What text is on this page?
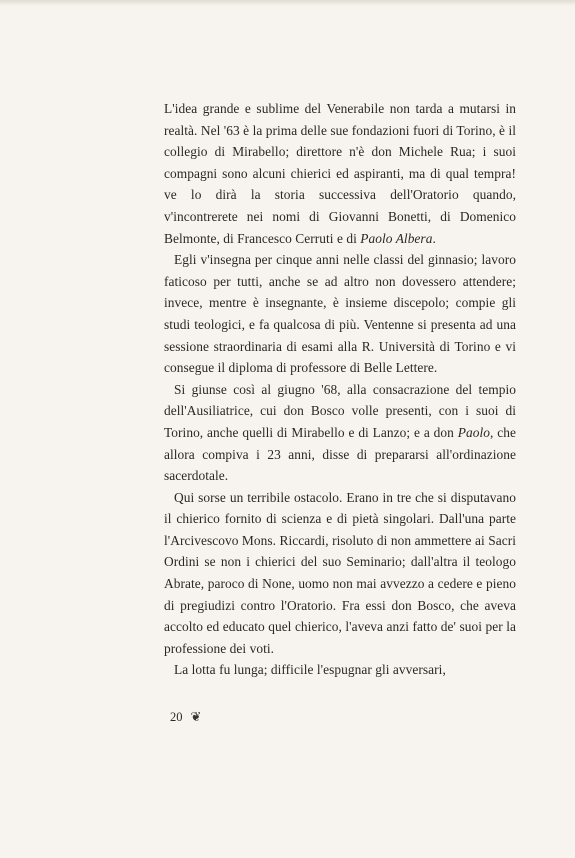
L'idea grande e sublime del Venerabile non tarda a mutarsi in realtà. Nel '63 è la prima delle sue fondazioni fuori di Torino, è il collegio di Mirabello; direttore n'è don Michele Rua; i suoi compagni sono alcuni chierici ed aspiranti, ma di qual tempra! ve lo dirà la storia successiva dell'Oratorio quando, v'incontrerete nei nomi di Giovanni Bonetti, di Domenico Belmonte, di Francesco Cerruti e di Paolo Albera.

Egli v'insegna per cinque anni nelle classi del ginnasio; lavoro faticoso per tutti, anche se ad altro non dovessero attendere; invece, mentre è insegnante, è insieme discepolo; compie gli studi teologici, e fa qualcosa di più. Ventenne si presenta ad una sessione straordinaria di esami alla R. Università di Torino e vi consegue il diploma di professore di Belle Lettere.

Si giunse così al giugno '68, alla consacrazione del tempio dell'Ausiliatrice, cui don Bosco volle presenti, con i suoi di Torino, anche quelli di Mirabello e di Lanzo; e a don Paolo, che allora compiva i 23 anni, disse di prepararsi all'ordinazione sacerdotale.

Qui sorse un terribile ostacolo. Erano in tre che si disputavano il chierico fornito di scienza e di pietà singolari. Dall'una parte l'Arcivescovo Mons. Riccardi, risoluto di non ammettere ai Sacri Ordini se non i chierici del suo Seminario; dall'altra il teologo Abrate, paroco di None, uomo non mai avvezzo a cedere e pieno di pregiudizi contro l'Oratorio. Fra essi don Bosco, che aveva accolto ed educato quel chierico, l'aveva anzi fatto de' suoi per la professione dei voti.

La lotta fu lunga; difficile l'espugnar gli avversari,

20 ❦
